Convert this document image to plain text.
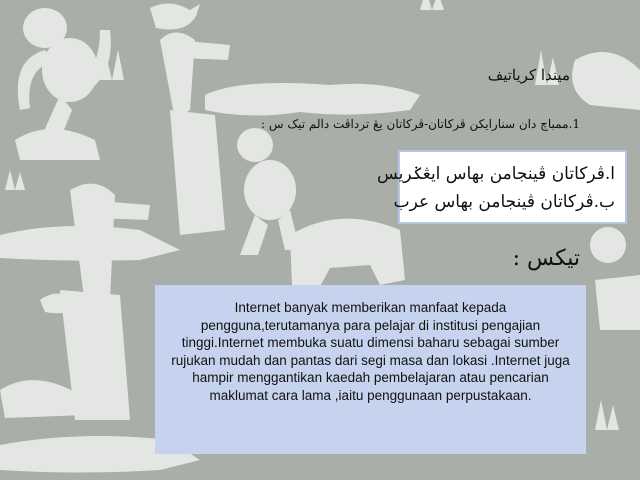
ميندا کرياتيف
1.ممباچ دان سنارايکن ڤرکاتان-ڤرکاتان يڠ ترداڤت دالم تيک س :
ا.ڤرکاتان ڤينجامن بهاس ايڠݢريس
ب.ڤرکاتان ڤينجامن بهاس عرب
تيکس :

Internet banyak memberikan manfaat kepada pengguna,terutamanya para pelajar di institusi pengajian tinggi.Internet membuka suatu dimensi baharu sebagai sumber rujukan mudah dan pantas dari segi masa dan lokasi .Internet juga hampir menggantikan kaedah pembelajaran atau pencarian maklumat cara lama ,iaitu penggunaan perpustakaan.
